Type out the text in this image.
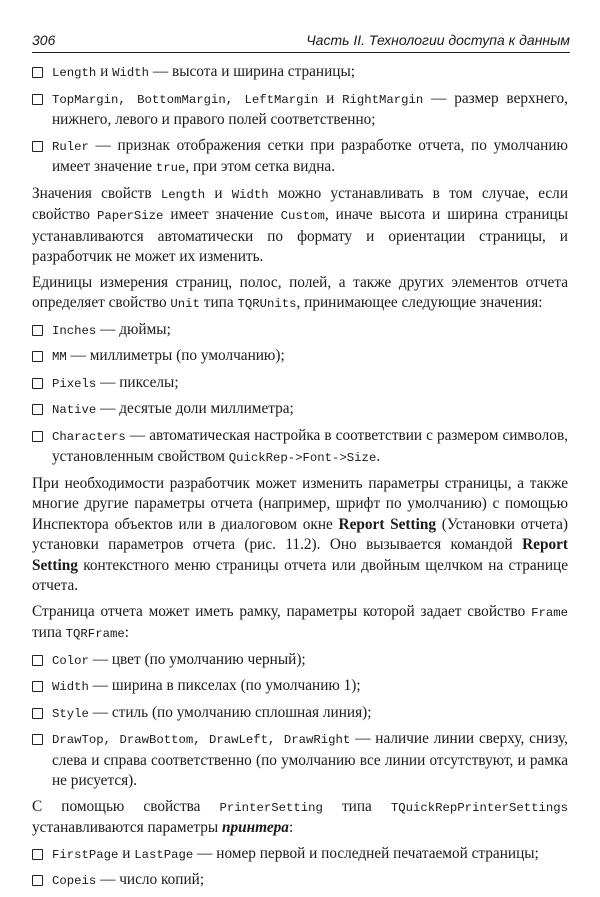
306	Часть II. Технологии доступа к данным
Length и Width — высота и ширина страницы;
TopMargin, BottomMargin, LeftMargin и RightMargin — размер верхнего, нижнего, левого и правого полей соответственно;
Ruler — признак отображения сетки при разработке отчета, по умолчанию имеет значение true, при этом сетка видна.
Значения свойств Length и Width можно устанавливать в том случае, если свойство PaperSize имеет значение Custom, иначе высота и ширина страницы устанавливаются автоматически по формату и ориентации страницы, и разработчик не может их изменить.
Единицы измерения страниц, полос, полей, а также других элементов отчета определяет свойство Unit типа TQRUnits, принимающее следующие значения:
Inches — дюймы;
MM — миллиметры (по умолчанию);
Pixels — пикселы;
Native — десятые доли миллиметра;
Characters — автоматическая настройка в соответствии с размером символов, установленным свойством QuickRep->Font->Size.
При необходимости разработчик может изменить параметры страницы, а также многие другие параметры отчета (например, шрифт по умолчанию) с помощью Инспектора объектов или в диалоговом окне Report Setting (Установки отчета) установки параметров отчета (рис. 11.2). Оно вызывается командой Report Setting контекстного меню страницы отчета или двойным щелчком на странице отчета.
Страница отчета может иметь рамку, параметры которой задает свойство Frame типа TQRFrame:
Color — цвет (по умолчанию черный);
Width — ширина в пикселах (по умолчанию 1);
Style — стиль (по умолчанию сплошная линия);
DrawTop, DrawBottom, DrawLeft, DrawRight — наличие линии сверху, снизу, слева и справа соответственно (по умолчанию все линии отсутствуют, и рамка не рисуется).
С помощью свойства PrinterSetting типа TQuickRepPrinterSettings устанавливаются параметры принтера:
FirstPage и LastPage — номер первой и последней печатаемой страницы;
Copeis — число копий;
